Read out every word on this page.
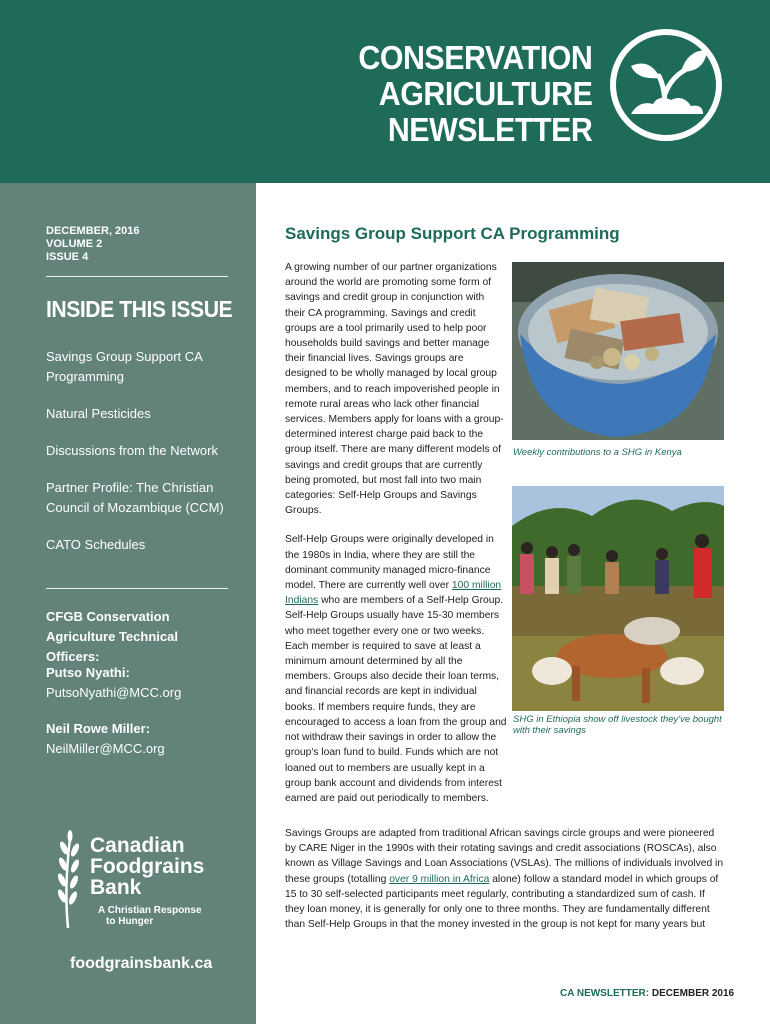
CONSERVATION
AGRICULTURE
NEWSLETTER
DECEMBER, 2016
VOLUME 2
ISSUE 4
INSIDE THIS ISSUE
Savings Group Support CA Programming
Natural Pesticides
Discussions from the Network
Partner Profile: The Christian Council of Mozambique (CCM)
CATO Schedules
CFGB Conservation Agriculture Technical Officers:
Putso Nyathi:
PutsoNyathi@MCC.org
Neil Rowe Miller:
NeilMiller@MCC.org
Canadian
Foodgrains
Bank
A Christian Response
to Hunger
foodgrainsbank.ca
Savings Group Support CA Programming

A growing number of our partner organizations around the world are promoting some form of savings and credit group in conjunction with their CA programming. Savings and credit groups are a tool primarily used to help poor households build savings and better manage their financial lives. Savings groups are designed to be wholly managed by local group members, and to reach impoverished people in remote rural areas who lack other financial services. Members apply for loans with a group-determined interest charge paid back to the group itself. There are many different models of savings and credit groups that are currently being promoted, but most fall into two main categories: Self-Help Groups and Savings Groups.

Self-Help Groups were originally developed in the 1980s in India, where they are still the dominant community managed micro-finance model. There are currently well over 100 million Indians who are members of a Self-Help Group. Self-Help Groups usually have 15-30 members who meet together every one or two weeks. Each member is required to save at least a minimum amount determined by all the members. Groups also decide their loan terms, and financial records are kept in individual books. If members require funds, they are encouraged to access a loan from the group and not withdraw their savings in order to allow the group's loan fund to build. Funds which are not loaned out to members are usually kept in a group bank account and dividends from interest earned are paid out periodically to members.

Weekly contributions to a SHG in Kenya
SHG in Ethiopia show off livestock they've bought with their savings
Savings Groups are adapted from traditional African savings circle groups and were pioneered by CARE Niger in the 1990s with their rotating savings and credit associations (ROSCAs), also known as Village Savings and Loan Associations (VSLAs). The millions of individuals involved in these groups (totalling over 9 million in Africa alone) follow a standard model in which groups of 15 to 30 self-selected participants meet regularly, contributing a standardized sum of cash. If they loan money, it is generally for only one to three months. They are fundamentally different than Self-Help Groups in that the money invested in the group is not kept for many years but
CA NEWSLETTER: DECEMBER 2016
